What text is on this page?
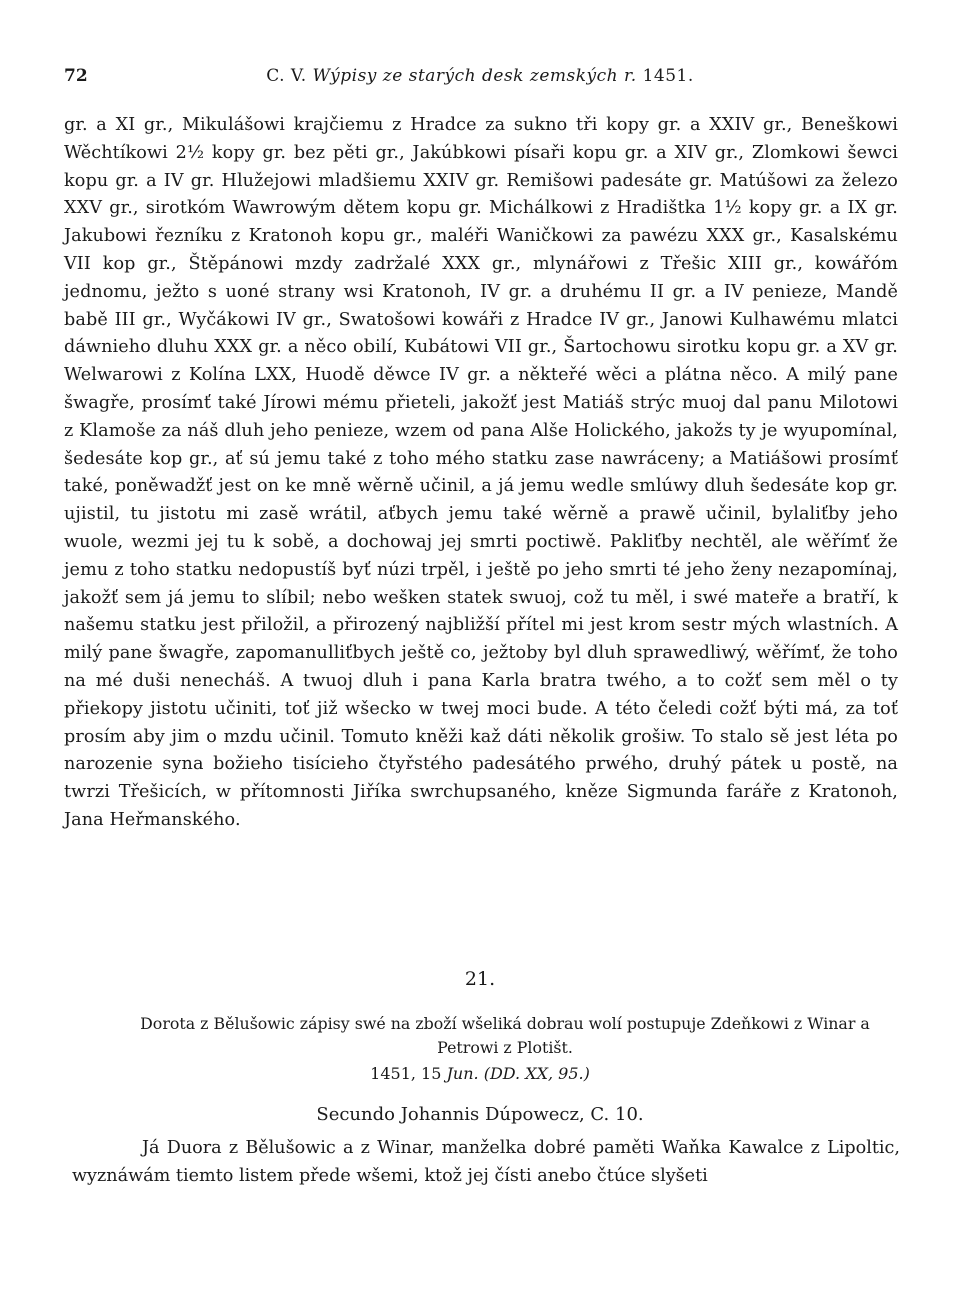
72	C. V. Wýpisy ze starých desk zemských r. 1451.

gr. a XI gr., Mikulášowi krajčiemu z Hradce za sukno tři kopy gr. a XXIV gr., Beneškowi Wěchtíkowi 2½ kopy gr. bez pěti gr., Jakúbkowi písaři kopu gr. a XIV gr., Zlomkowi šewci kopu gr. a IV gr. Hlužejowi mladšiemu XXIV gr. Remišowi padesáte gr. Matúšowi za železo XXV gr., sirotkóm Wawrowým dětem kopu gr. Michálkowi z Hradištka 1½ kopy gr. a IX gr. Jakubowi řezníku z Kratonoh kopu gr., maléři Waničkowi za pawézu XXX gr., Kasalskému VII kop gr., Štěpánowi mzdy zadržalé XXX gr., mlynářowi z Třešic XIII gr., kowářóm jednomu, ježto s uoné strany wsi Kratonoh, IV gr. a druhému II gr. a IV penieze, Mandě babě III gr., Wyčákowi IV gr., Swatošowi kowáři z Hradce IV gr., Janowi Kulhawému mlatci dáwnieho dluhu XXX gr. a něco obilí, Kubátowi VII gr., Šartochowu sirotku kopu gr. a XV gr. Welwarowi z Kolína LXX, Huodě děwce IV gr. a někteřé wěci a plátna něco. A milý pane šwagře, prosímť také Jírowi mému přieteli, jakožť jest Matiáš strýc muoj dal panu Milotowi z Klamoše za náš dluh jeho penieze, wzem od pana Alše Holického, jakožs ty je wyupomínal, šedesáte kop gr., ať sú jemu také z toho mého statku zase nawráceny; a Matiášowi prosímť také, poněwadžť jest on ke mně wěrně učinil, a já jemu wedle smlúwy dluh šedesáte kop gr. ujistil, tu jistotu mi zasě wrátil, aťbych jemu také wěrně a prawě učinil, bylaliťby jeho wuole, wezmi jej tu k sobě, a dochowaj jej smrti poctiwě. Pakliťby nechtěl, ale wěřímť že jemu z toho statku nedopustíš byť núzi trpěl, i ještě po jeho smrti té jeho ženy nezapomínaj, jakožť sem já jemu to slíbil; nebo wešken statek swuoj, což tu měl, i swé mateře a bratří, k našemu statku jest přiložil, a přirozený najbližší přítel mi jest krom sestr mých wlastních. A milý pane šwagře, zapomanulliťbych ještě co, ježtoby byl dluh sprawedliwý, wěřímť, že toho na mé duši nenecháš. A twuoj dluh i pana Karla bratra twého, a to cožť sem měl o ty přiekopy jistotu učiniti, toť již wšecko w twej moci bude. A této čeledi cožť býti má, za toť prosím aby jim o mzdu učinil. Tomuto kněži kaž dáti několik grošiw. To stalo sě jest léta po narozenie syna božieho tisícieho čtyřstého padesátého prwého, druhý pátek u postě, na twrzi Třešicích, w přítomnosti Jiříka swrchupsaného, kněze Sigmunda faráře z Kratonoh, Jana Heřmanského.

21.

Dorota z Bělušowic zápisy swé na zboží wšeliká dobrau wolí postupuje Zdeňkowi z Winar a Petrowi z Plotišt.

1451, 15 Jun. (DD. XX, 95.)

Secundo Johannis Dúpowecz, C. 10.

Já Duora z Bělušowic a z Winar, manželka dobré paměti Waňka Kawalce z Lipoltic, wyznáwám tiemto listem přede wšemi, ktož jej čísti anebo čtúce slyšeti
